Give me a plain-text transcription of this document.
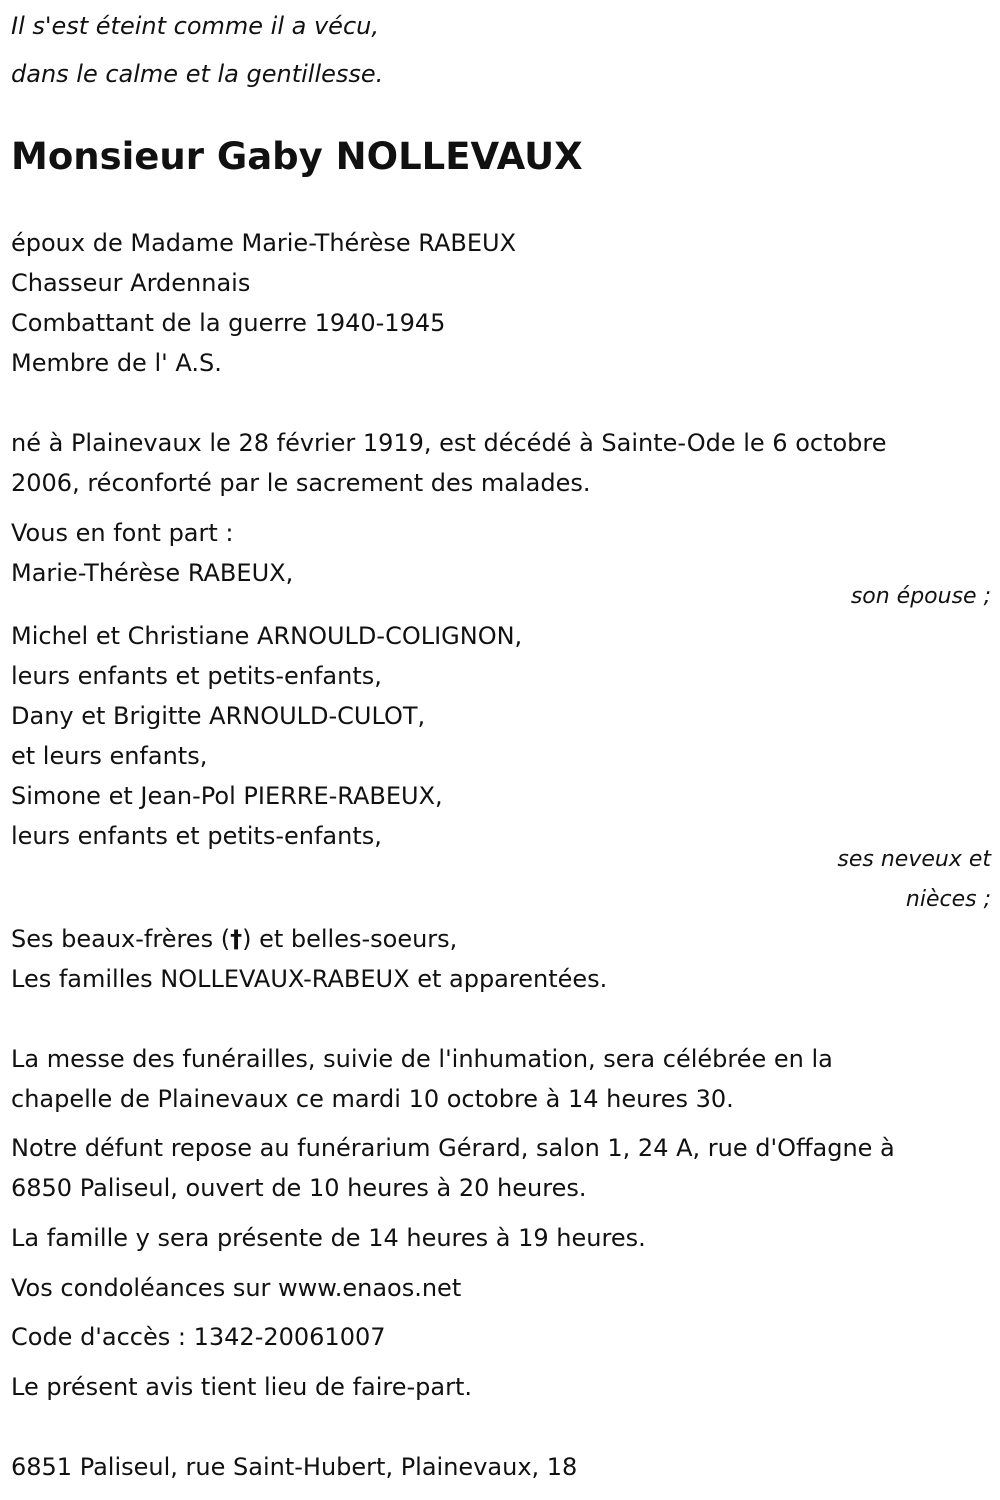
Il s'est éteint comme il a vécu,
dans le calme et la gentillesse.
Monsieur Gaby NOLLEVAUX
époux de Madame Marie-Thérèse RABEUX
Chasseur Ardennais
Combattant de la guerre 1940-1945
Membre de l' A.S.
né à Plainevaux le 28 février 1919, est décédé à Sainte-Ode le 6 octobre
2006, réconforté par le sacrement des malades.
Vous en font part :
Marie-Thérèse RABEUX,
son épouse ;
Michel et Christiane ARNOULD-COLIGNON,
leurs enfants et petits-enfants,
Dany et Brigitte ARNOULD-CULOT,
et leurs enfants,
Simone et Jean-Pol PIERRE-RABEUX,
leurs enfants et petits-enfants,
ses neveux et
nièces ;
Ses beaux-frères (†) et belles-soeurs,
Les familles NOLLEVAUX-RABEUX et apparentées.
La messe des funérailles, suivie de l'inhumation, sera célébrée en la
chapelle de Plainevaux ce mardi 10 octobre à 14 heures 30.
Notre défunt repose au funérarium Gérard, salon 1, 24 A, rue d'Offagne à
6850 Paliseul, ouvert de 10 heures à 20 heures.
La famille y sera présente de 14 heures à 19 heures.
Vos condoléances sur www.enaos.net
Code d'accès : 1342-20061007
Le présent avis tient lieu de faire-part.
6851 Paliseul, rue Saint-Hubert, Plainevaux, 18
